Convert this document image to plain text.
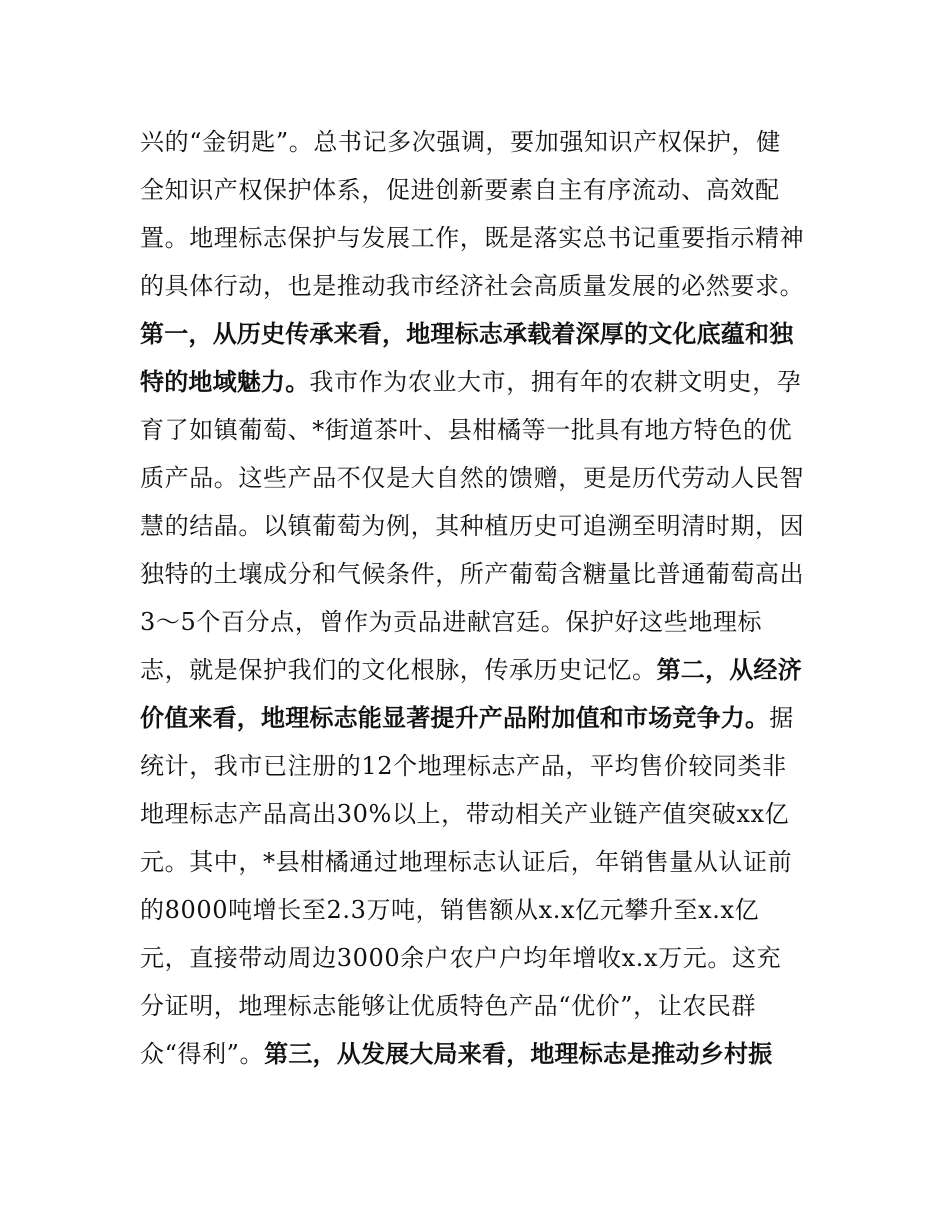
兴的“金钥匙”。总书记多次强调，要加强知识产权保护，健
全知识产权保护体系，促进创新要素自主有序流动、高效配
置。地理标志保护与发展工作，既是落实总书记重要指示精神
的具体行动，也是推动我市经济社会高质量发展的必然要求。
第一，从历史传承来看，地理标志承载着深厚的文化底蕴和独
特的地域魅力。我市作为农业大市，拥有年的农耕文明史，孕
育了如镇葡萄、*街道茶叶、县柑橘等一批具有地方特色的优
质产品。这些产品不仅是大自然的馈赠，更是历代劳动人民智
慧的结晶。以镇葡萄为例，其种植历史可追溯至明清时期，因
独特的土壤成分和气候条件，所产葡萄含糖量比普通葡萄高出
3～5个百分点，曾作为贡品进献宫廷。保护好这些地理标
志，就是保护我们的文化根脉，传承历史记忆。第二，从经济
价值来看，地理标志能显著提升产品附加值和市场竞争力。据
统计，我市已注册的12个地理标志产品，平均售价较同类非
地理标志产品高出30%以上，带动相关产业链产值突破xx亿
元。其中，*县柑橘通过地理标志认证后，年销售量从认证前
的8000吨增长至2.3万吨，销售额从x.x亿元攀升至x.x亿
元，直接带动周边3000余户农户户均年增收x.x万元。这充
分证明，地理标志能够让优质特色产品“优价”，让农民群
众“得利”。第三，从发展大局来看，地理标志是推动乡村振
